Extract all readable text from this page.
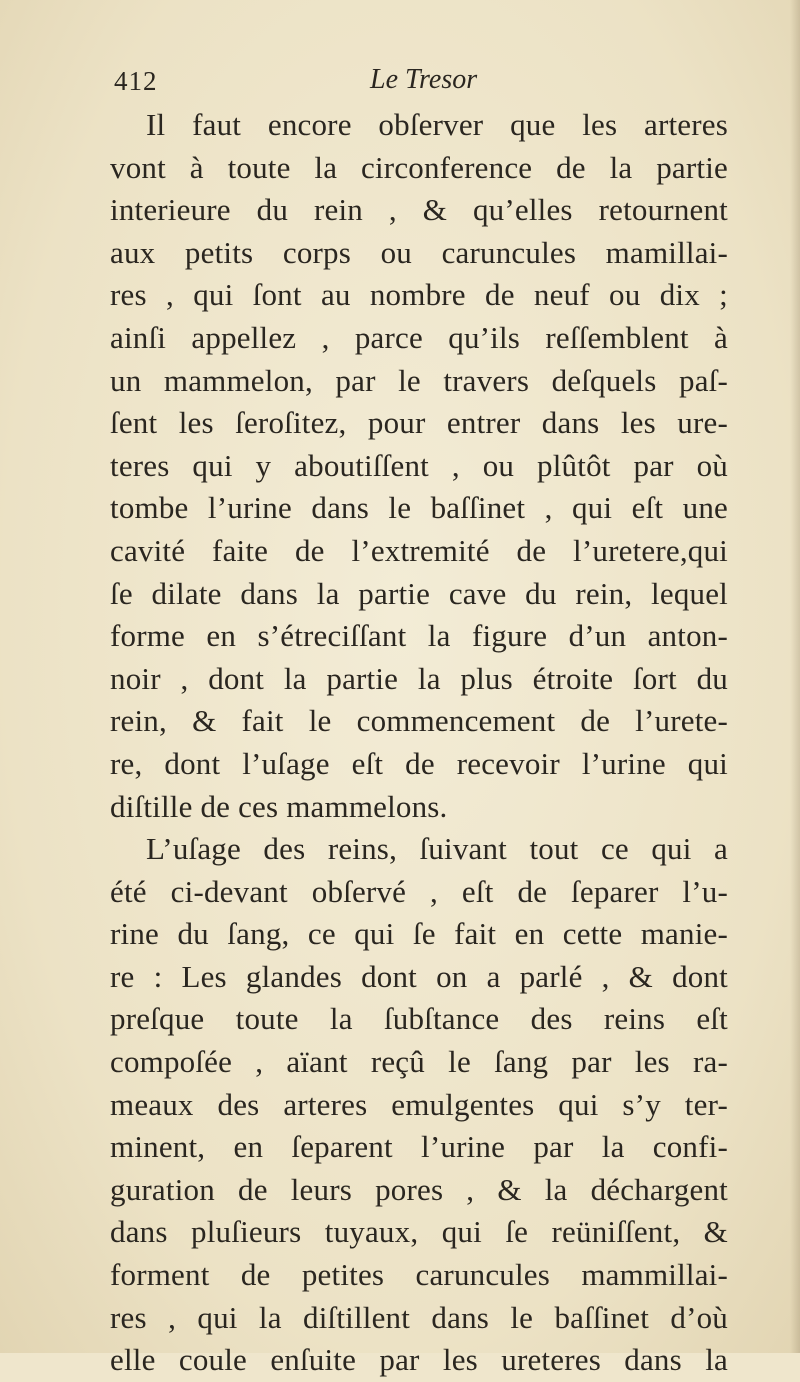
412	Le Tresor
Il faut encore obſerver que les arteres
vont à toute la circonference de la partie
interieure du rein , & qu’elles retournent
aux petits corps ou caruncules mamillai-
res , qui ſont au nombre de neuf ou dix ;
ainſi appellez , parce qu’ils reſſemblent à
un mammelon, par le travers deſquels paſ-
ſent les ſeroſitez, pour entrer dans les ure-
teres qui y aboutiſſent , ou plûtôt par où
tombe l’urine dans le baſſinet , qui eſt une
cavité faite de l’extremité de l’uretere,qui
ſe dilate dans la partie cave du rein, lequel
forme en s’étreciſſant la figure d’un anton-
noir , dont la partie la plus étroite ſort du
rein, & fait le commencement de l’urete-
re, dont l’uſage eſt de recevoir l’urine qui
diſtille de ces mammelons.
L’uſage des reins, ſuivant tout ce qui a
été ci-devant obſervé , eſt de ſeparer l’u-
rine du ſang, ce qui ſe fait en cette manie-
re : Les glandes dont on a parlé , & dont
preſque toute la ſubſtance des reins eſt
compoſée , aïant reçû le ſang par les ra-
meaux des arteres emulgentes qui s’y ter-
minent, en ſeparent l’urine par la confi-
guration de leurs pores , & la déchargent
dans pluſieurs tuyaux, qui ſe reüniſſent, &
forment de petites caruncules mammillai-
res , qui la diſtillent dans le baſſinet d’où
elle coule enſuite par les ureteres dans la
